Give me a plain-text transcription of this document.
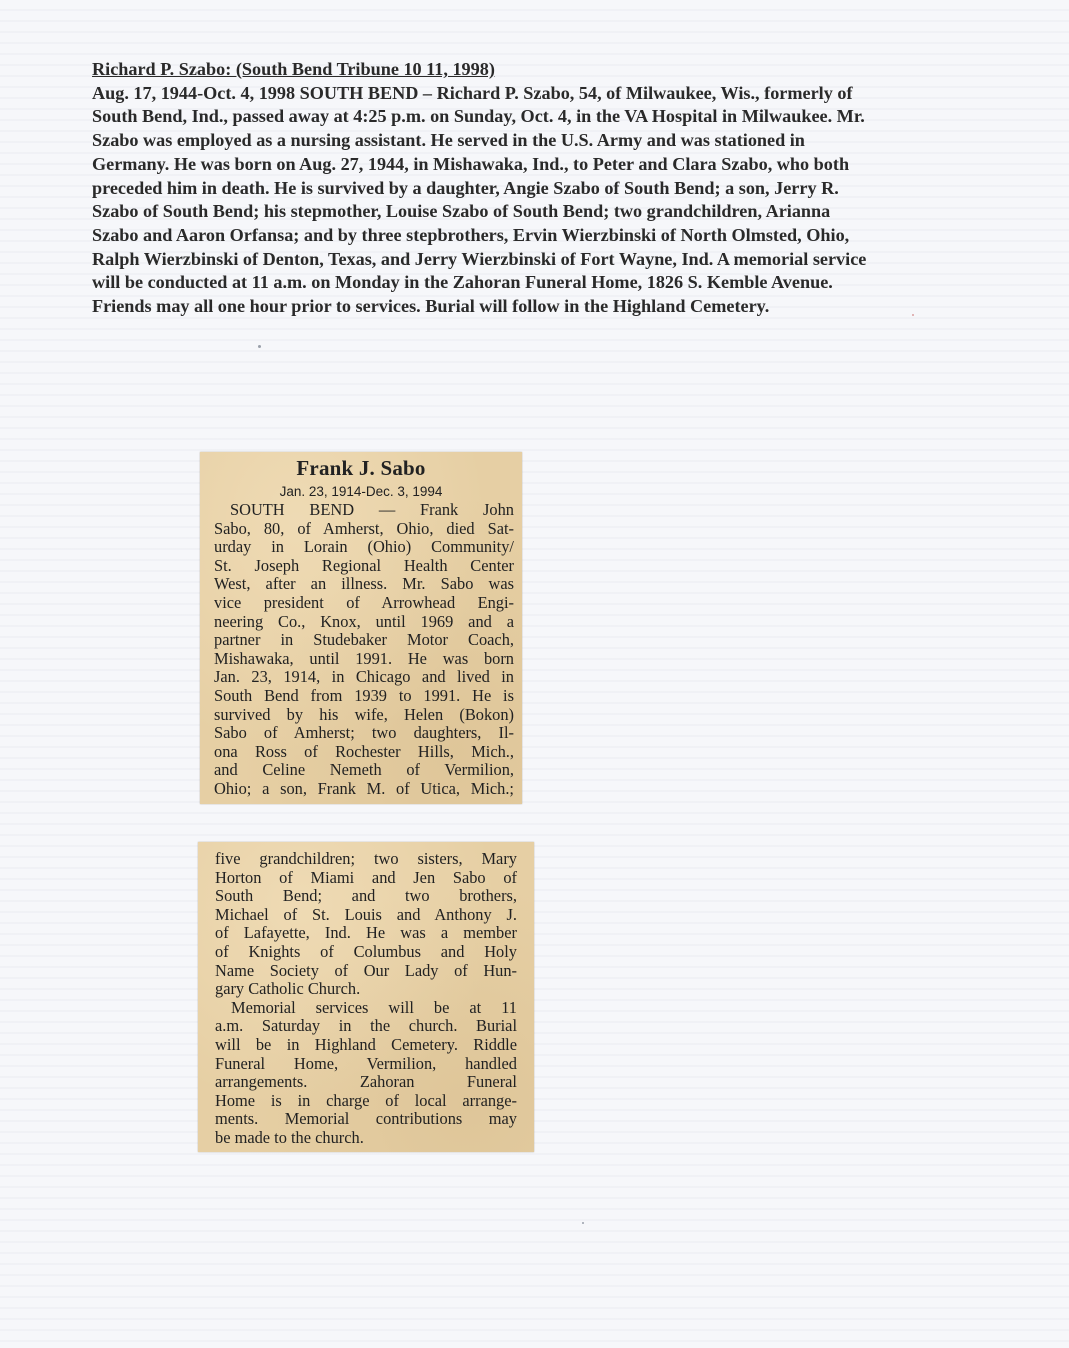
Richard P. Szabo: (South Bend Tribune 10 11, 1998)
Aug. 17, 1944-Oct. 4, 1998 SOUTH BEND – Richard P. Szabo, 54, of Milwaukee, Wis., formerly of
South Bend, Ind., passed away at 4:25 p.m. on Sunday, Oct. 4, in the VA Hospital in Milwaukee. Mr.
Szabo was employed as a nursing assistant. He served in the U.S. Army and was stationed in
Germany. He was born on Aug. 27, 1944, in Mishawaka, Ind., to Peter and Clara Szabo, who both
preceded him in death. He is survived by a daughter, Angie Szabo of South Bend; a son, Jerry R.
Szabo of South Bend; his stepmother, Louise Szabo of South Bend; two grandchildren, Arianna
Szabo and Aaron Orfansa; and by three stepbrothers, Ervin Wierzbinski of North Olmsted, Ohio,
Ralph Wierzbinski of Denton, Texas, and Jerry Wierzbinski of Fort Wayne, Ind. A memorial service
will be conducted at 11 a.m. on Monday in the Zahoran Funeral Home, 1826 S. Kemble Avenue.
Friends may all one hour prior to services. Burial will follow in the Highland Cemetery.
Frank J. Sabo
Jan. 23, 1914-Dec. 3, 1994
SOUTH BEND — Frank John
Sabo, 80, of Amherst, Ohio, died Sat-
urday in Lorain (Ohio) Community/
St. Joseph Regional Health Center
West, after an illness. Mr. Sabo was
vice president of Arrowhead Engi-
neering Co., Knox, until 1969 and a
partner in Studebaker Motor Coach,
Mishawaka, until 1991. He was born
Jan. 23, 1914, in Chicago and lived in
South Bend from 1939 to 1991. He is
survived by his wife, Helen (Bokon)
Sabo of Amherst; two daughters, Il-
ona Ross of Rochester Hills, Mich.,
and Celine Nemeth of Vermilion,
Ohio; a son, Frank M. of Utica, Mich.;
five grandchildren; two sisters, Mary
Horton of Miami and Jen Sabo of
South Bend; and two brothers,
Michael of St. Louis and Anthony J.
of Lafayette, Ind. He was a member
of Knights of Columbus and Holy
Name Society of Our Lady of Hun-
gary Catholic Church.
Memorial services will be at 11
a.m. Saturday in the church. Burial
will be in Highland Cemetery. Riddle
Funeral Home, Vermilion, handled
arrangements. Zahoran Funeral
Home is in charge of local arrange-
ments. Memorial contributions may
be made to the church.
